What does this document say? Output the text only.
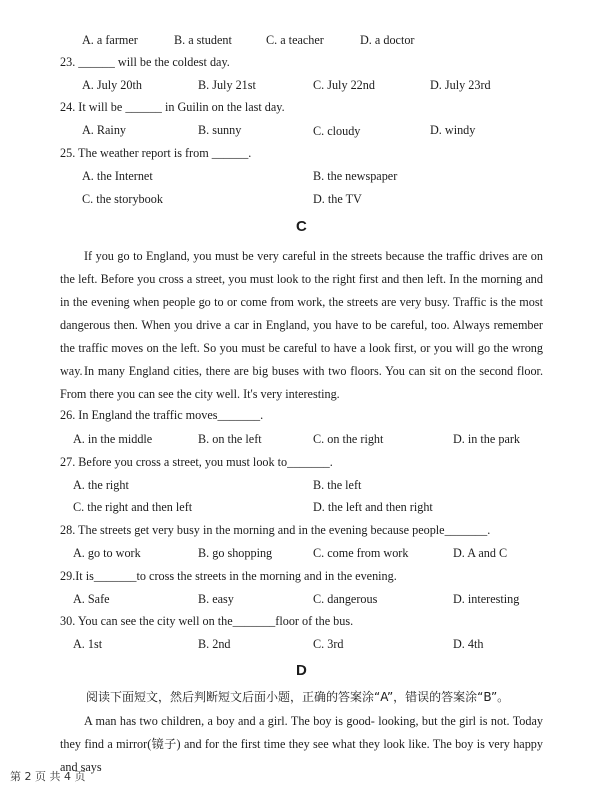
A. a farmer	B. a student	C. a teacher	D. a doctor
23. ______ will be the coldest day.
A. July 20th	B. July 21st	C. July 22nd	D. July 23rd
24. It will be ______ in Guilin on the last day.
A. Rainy	B. sunny	C. cloudy	D. windy
25. The weather report is from ______.
A. the Internet	B. the newspaper
C. the storybook	D. the TV
C
If you go to England, you must be very careful in the streets because the traffic drives are on the left. Before you cross a street, you must look to the right first and then left. In the morning and in the evening when people go to or come from work, the streets are very busy. Traffic is the most dangerous then. When you drive a car in England, you have to be careful, too. Always remember the traffic moves on the left. So you must be careful to have a look first, or you will go the wrong way. In many England cities, there are big buses with two floors. You can sit on the second floor. From there you can see the city well. It's very interesting.
26. In England the traffic moves_______.
A. in the middle	B. on the left	C. on the right	D. in the park
27. Before you cross a street, you must look to_______.
A. the right	B. the left
C. the right and then left	D. the left and then right
28. The streets get very busy in the morning and in the evening because people_______.
A. go to work	B. go shopping	C. come from work	D. A and C
29.It is_______to cross the streets in the morning and in the evening.
A. Safe	B. easy	C. dangerous	D. interesting
30. You can see the city well on the_______floor of the bus.
A. 1st	B. 2nd	C. 3rd	D. 4th
D
阅读下面短文，然后判断短文后面小题，正确的答案涂“A”，错误的答案涂“B”。
A man has two children, a boy and a girl. The boy is good- looking, but the girl is not. Today they find a mirror(镜子) and for the first time they see what they look like. The boy is very happy and says
第 2 页 共 4 页
